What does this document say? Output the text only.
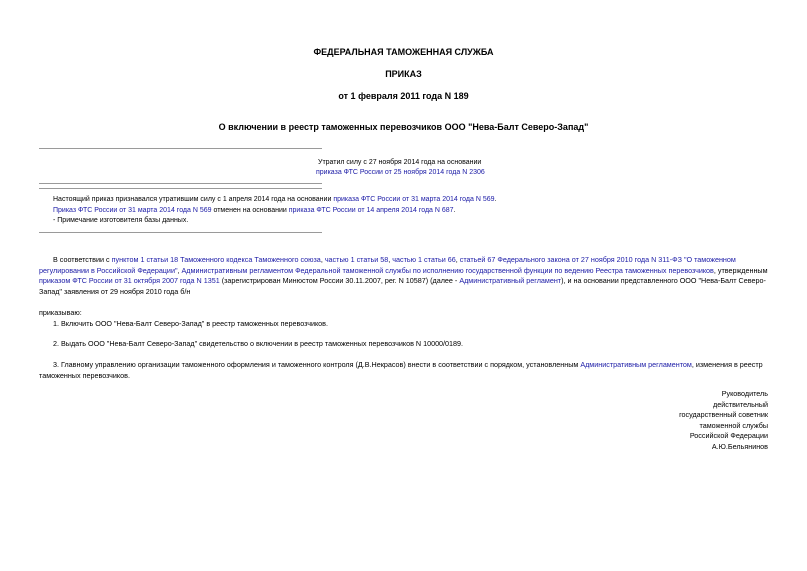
ФЕДЕРАЛЬНАЯ ТАМОЖЕННАЯ СЛУЖБА
ПРИКАЗ
от 1 февраля 2011 года N 189
О включении в реестр таможенных перевозчиков ООО "Нева-Балт Северо-Запад"
Утратил силу с 27 ноября 2014 года на основании
приказа ФТС России от 25 ноября 2014 года N 2306
Настоящий приказ признавался утратившим силу с 1 апреля 2014 года на основании приказа ФТС России от 31 марта 2014 года N 569.
Приказ ФТС России от 31 марта 2014 года N 569 отменен на основании приказа ФТС России от 14 апреля 2014 года N 687.
- Примечание изготовителя базы данных.
В соответствии с пунктом 1 статьи 18 Таможенного кодекса Таможенного союза, частью 1 статьи 58, частью 1 статьи 66, статьей 67 Федерального закона от 27 ноября 2010 года N 311-ФЗ "О таможенном регулировании в Российской Федерации", Административным регламентом Федеральной таможенной службы по исполнению государственной функции по ведению Реестра таможенных перевозчиков, утвержденным приказом ФТС России от 31 октября 2007 года N 1351 (зарегистрирован Минюстом России 30.11.2007, рег. N 10587) (далее - Административный регламент), и на основании представленного ООО "Нева-Балт Северо-Запад" заявления от 29 ноября 2010 года б/н
приказываю:
1. Включить ООО "Нева-Балт Северо-Запад" в реестр таможенных перевозчиков.
2. Выдать ООО "Нева-Балт Северо-Запад" свидетельство о включении в реестр таможенных перевозчиков N 10000/0189.
3. Главному управлению организации таможенного оформления и таможенного контроля (Д.В.Некрасов) внести в соответствии с порядком, установленным Административным регламентом, изменения в реестр таможенных перевозчиков.
Руководитель
действительный
государственный советник
таможенной службы
Российской Федерации
А.Ю.Бельянинов
